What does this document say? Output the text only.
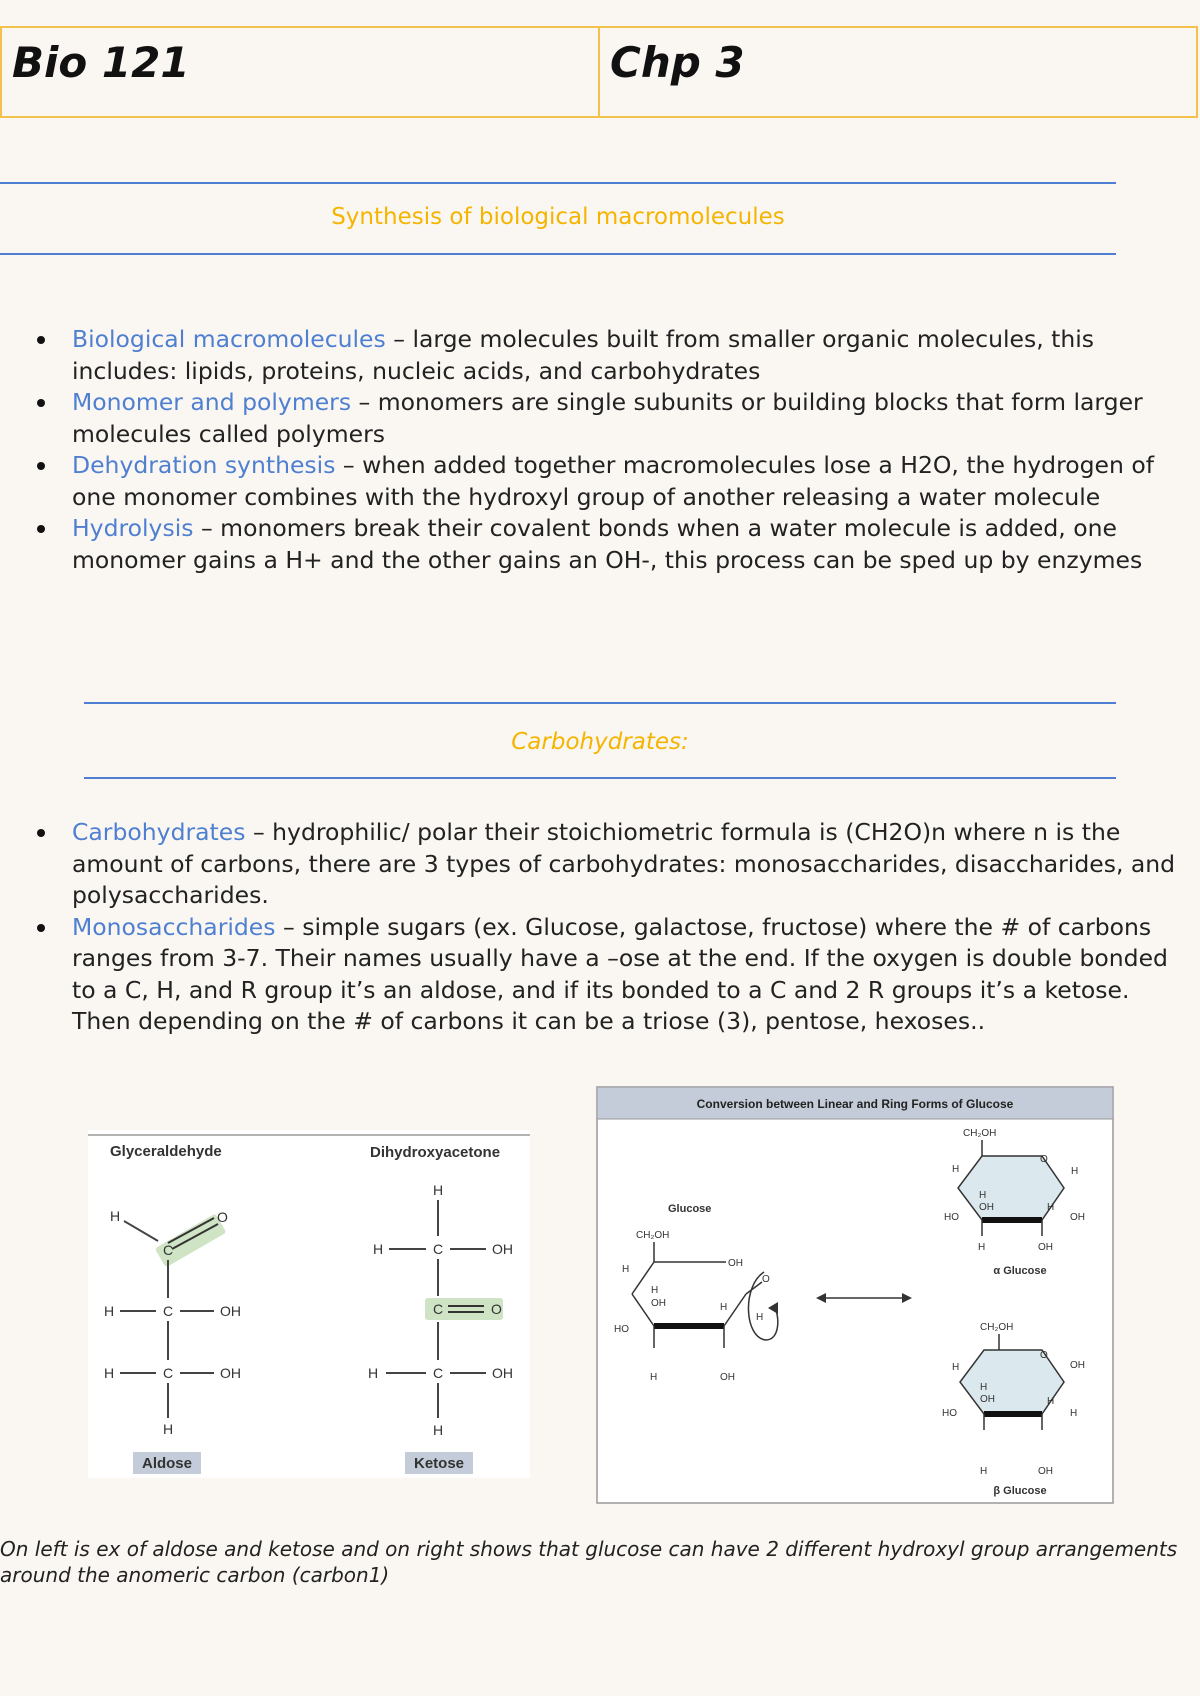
Bio 121	Chp 3
Synthesis of biological macromolecules
Biological macromolecules – large molecules built from smaller organic molecules, this includes: lipids, proteins, nucleic acids, and carbohydrates
Monomer and polymers – monomers are single subunits or building blocks that form larger molecules called polymers
Dehydration synthesis – when added together macromolecules lose a H2O, the hydrogen of one monomer combines with the hydroxyl group of another releasing a water molecule
Hydrolysis – monomers break their covalent bonds when a water molecule is added, one monomer gains a H+ and the other gains an OH-, this process can be sped up by enzymes
Carbohydrates:
Carbohydrates – hydrophilic/ polar their stoichiometric formula is (CH2O)n where n is the amount of carbons, there are 3 types of carbohydrates: monosaccharides, disaccharides, and polysaccharides.
Monosaccharides – simple sugars (ex. Glucose, galactose, fructose) where the # of carbons ranges from 3-7. Their names usually have a –ose at the end. If the oxygen is double bonded to a C, H, and R group it’s an aldose, and if its bonded to a C and 2 R groups it’s a ketose. Then depending on the # of carbons it can be a triose (3), pentose, hexoses..
Glyceraldehyde	Dihydroxyacetone
H	O
C
C
H	OH
C
H	OH
H
Aldose
H
C
H	OH
C	O
C
H	OH
H
Ketose
Conversion between Linear and Ring Forms of Glucose
Glucose
CH₂OH
OH
H
HO
H
OH	H
H	OH
O
H
CH₂OH
O
H	H
HO
H
OH	H
OH
H	OH
α Glucose
CH₂OH
O
H	OH
HO
H
OH	H
H
H	OH
β Glucose
On left is ex of aldose and ketose and on right shows that glucose can have 2 different hydroxyl group arrangements around the anomeric carbon (carbon1)
